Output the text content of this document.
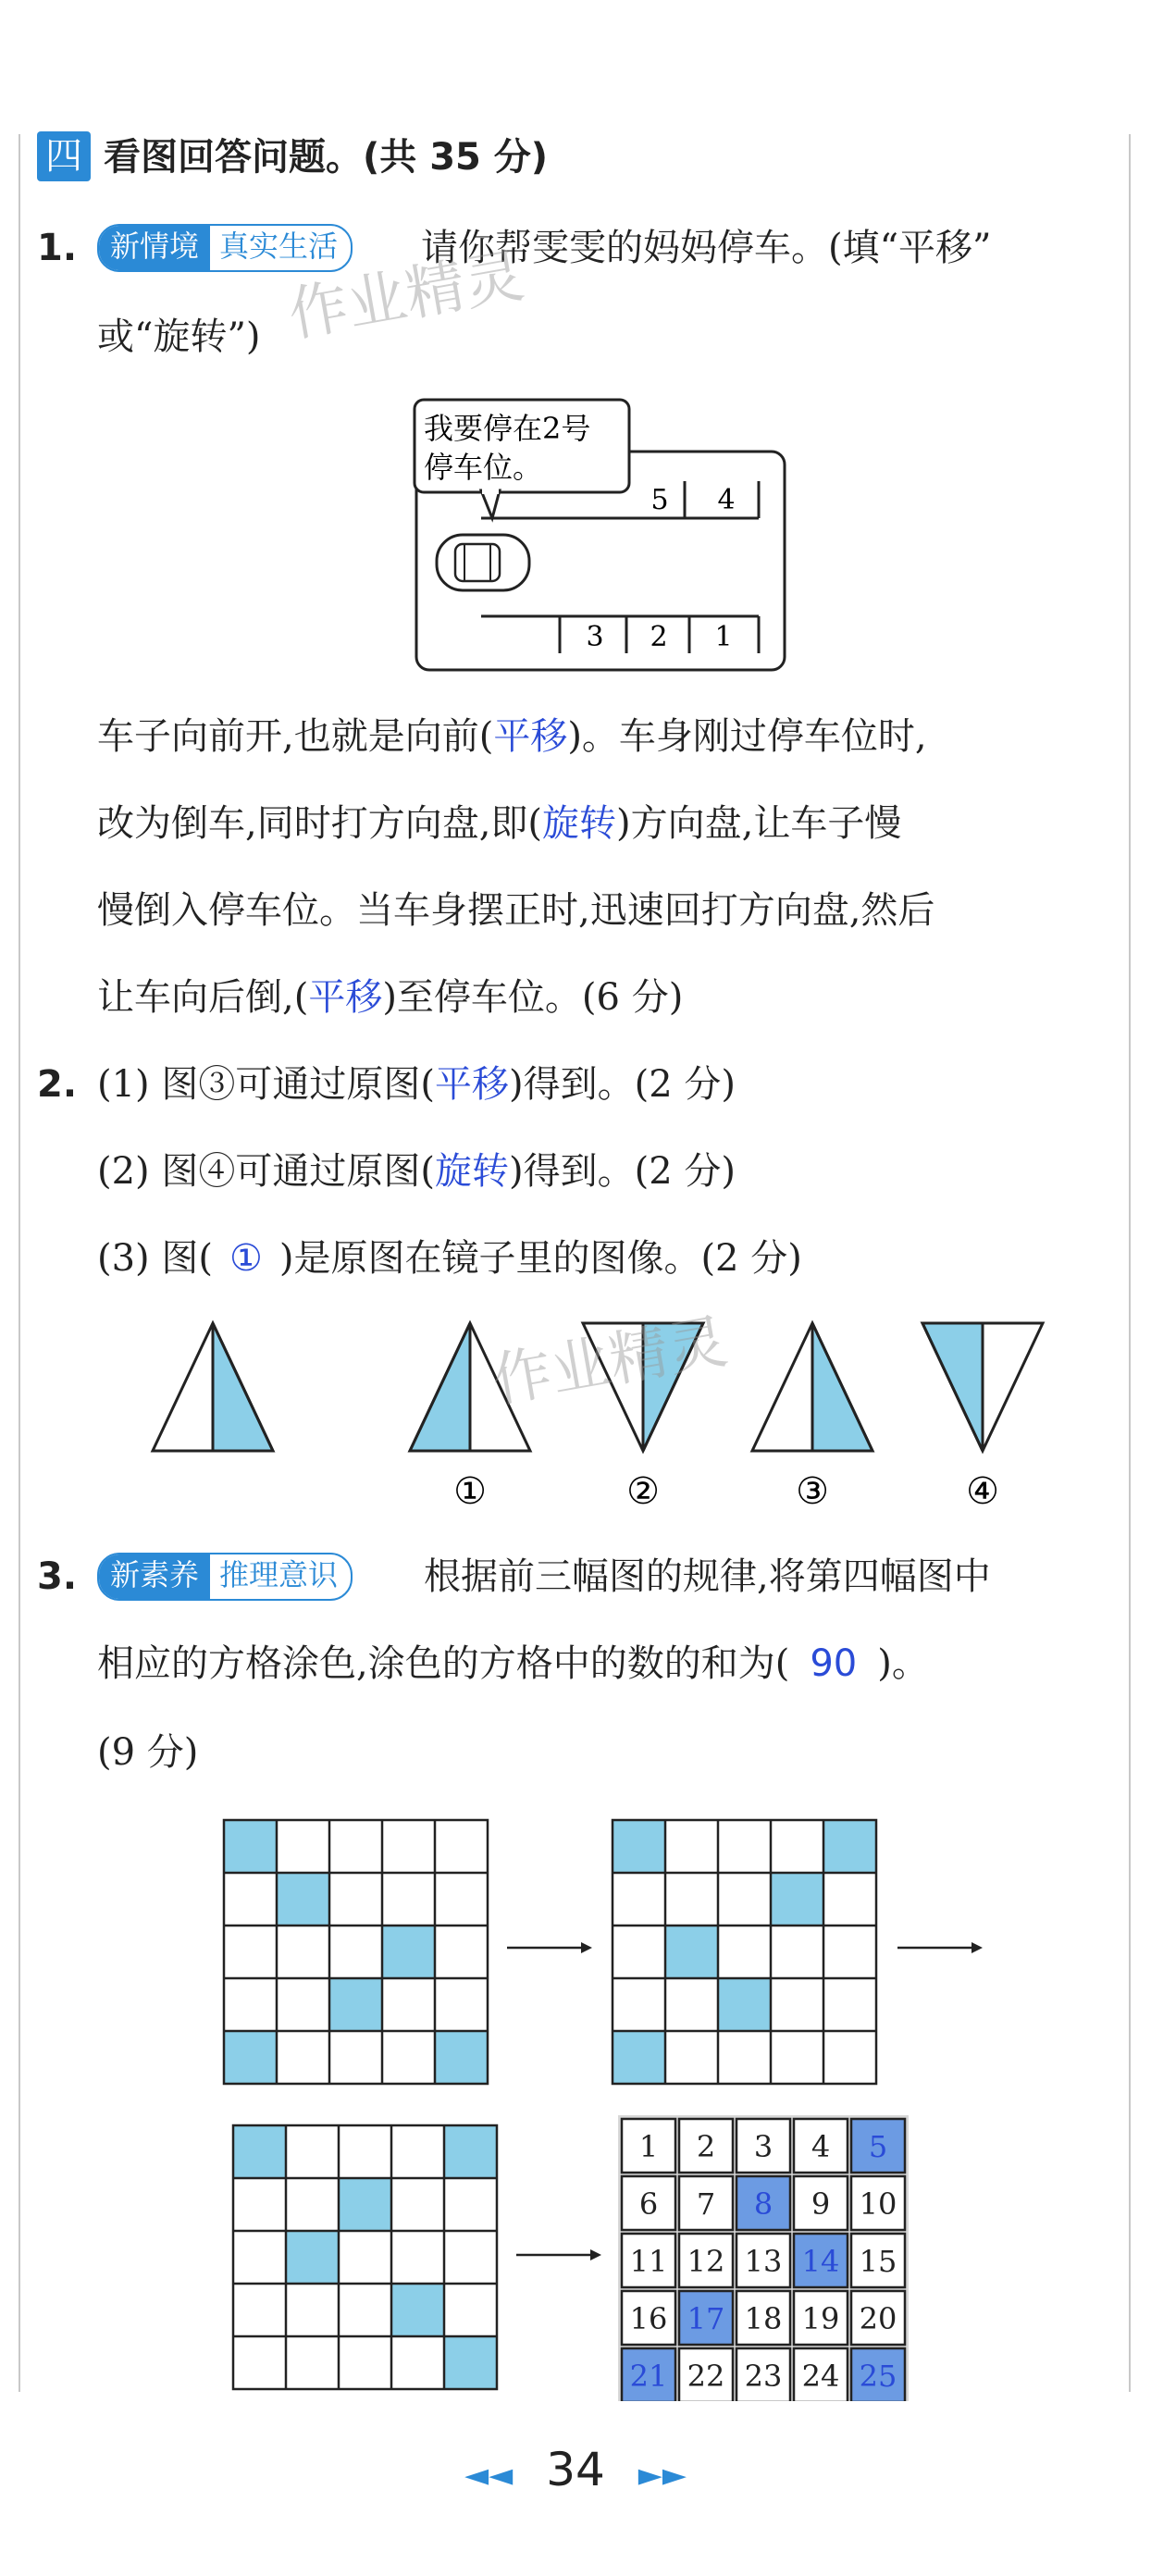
四 看图回答问题。(共 35 分)
1.	新情境 真实生活	请你帮雯雯的妈妈停车。(填“平移”
或“旋转”)
5 4
3 2 1
我要停在2号
停车位。
车子向前开,也就是向前(平移)。车身刚过停车位时,
改为倒车,同时打方向盘,即(旋转)方向盘,让车子慢
慢倒入停车位。当车身摆正时,迅速回打方向盘,然后
让车向后倒,(平移)至停车位。(6 分)
2. (1) 图③可通过原图(平移)得到。(2 分)
(2) 图④可通过原图(旋转)得到。(2 分)
(3) 图( ① )是原图在镜子里的图像。(2 分)
①	②	③	④
3.	新素养 推理意识	根据前三幅图的规律,将第四幅图中
相应的方格涂色,涂色的方格中的数的和为( 90 )。
(9 分)
1 2 3 4 5
6 7 8 9 10
11 12 13 14 15
16 17 18 19 20
21 22 23 24 25
作业精灵
作业精灵
◄◄ 34 ►►
